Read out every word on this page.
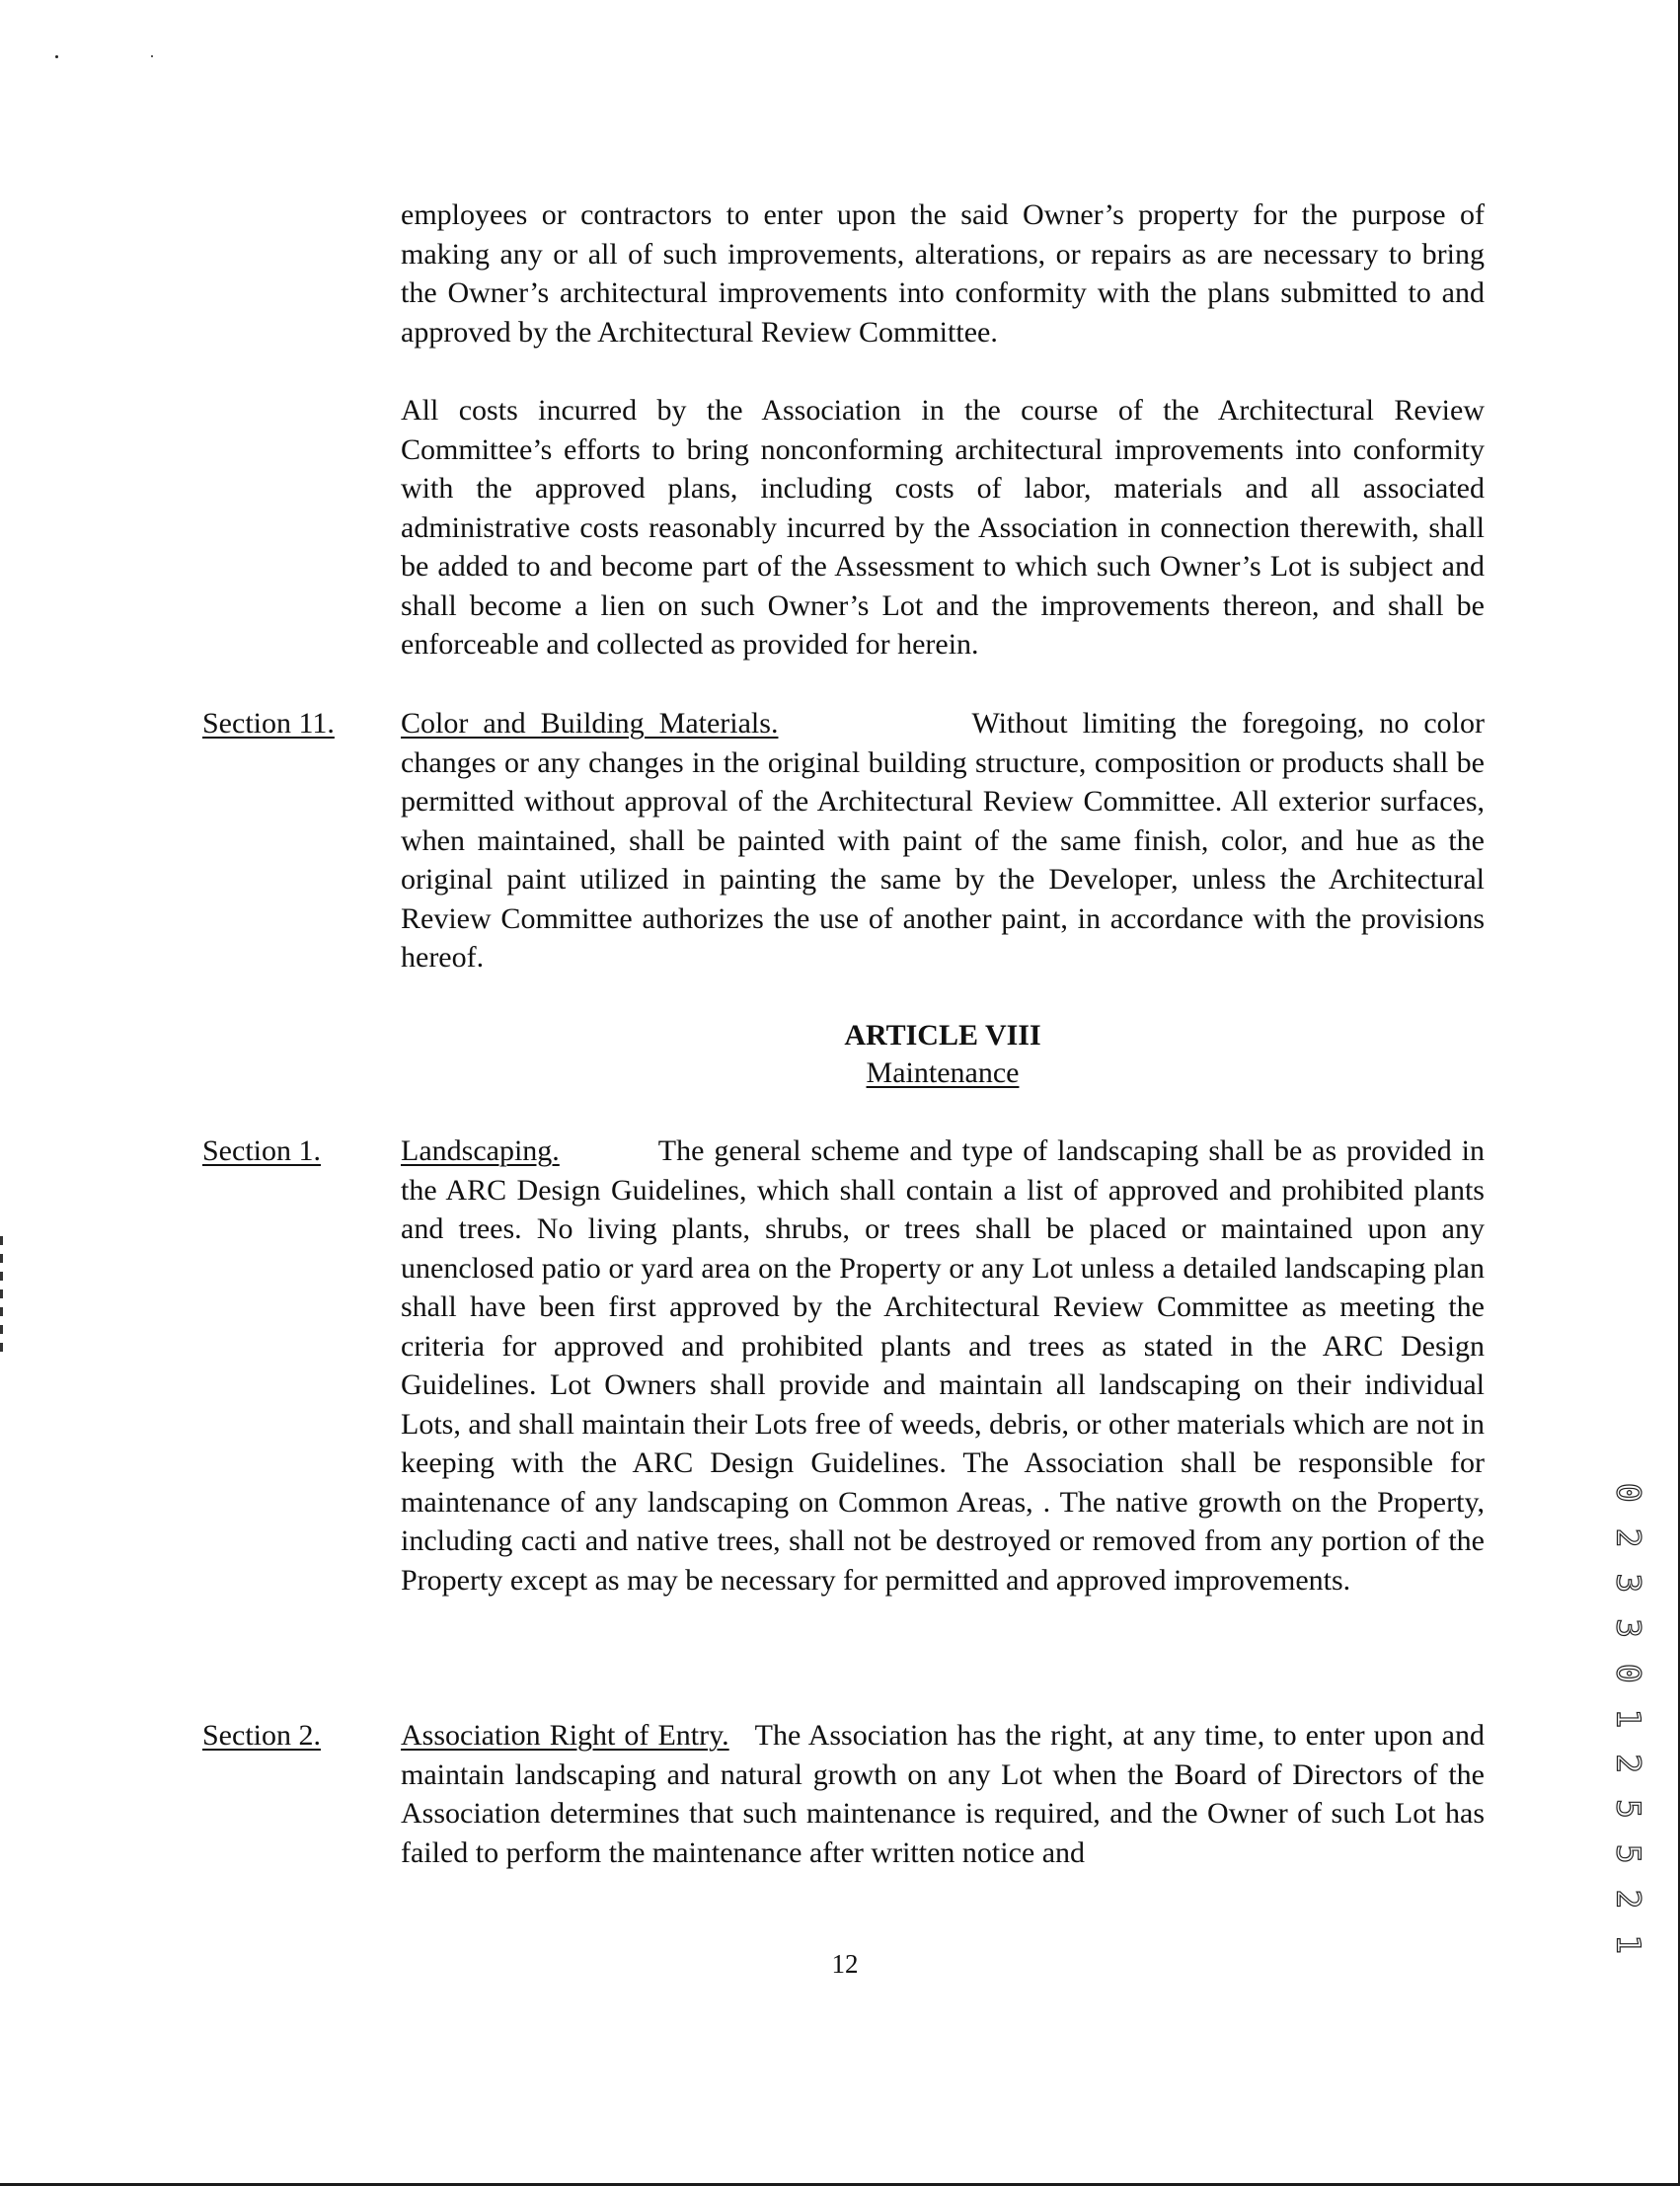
employees or contractors to enter upon the said Owner’s property for the purpose of making any or all of such improvements, alterations, or repairs as are necessary to bring the Owner’s architectural improvements into conformity with the plans submitted to and approved by the Architectural Review Committee.

All costs incurred by the Association in the course of the Architectural Review Committee’s efforts to bring nonconforming architectural improvements into conformity with the approved plans, including costs of labor, materials and all associated administrative costs reasonably incurred by the Association in connection therewith, shall be added to and become part of the Assessment to which such Owner’s Lot is subject and shall become a lien on such Owner’s Lot and the improvements thereon, and shall be enforceable and collected as provided for herein.

Section 11. Color and Building Materials.	Without limiting the foregoing, no color changes or any changes in the original building structure, composition or products shall be permitted without approval of the Architectural Review Committee. All exterior surfaces, when maintained, shall be painted with paint of the same finish, color, and hue as the original paint utilized in painting the same by the Developer, unless the Architectural Review Committee authorizes the use of another paint, in accordance with the provisions hereof.

ARTICLE VIII

Maintenance

Section 1.	Landscaping.	The general scheme and type of landscaping shall be as provided in the ARC Design Guidelines, which shall contain a list of approved and prohibited plants and trees. No living plants, shrubs, or trees shall be placed or maintained upon any unenclosed patio or yard area on the Property or any Lot unless a detailed landscaping plan shall have been first approved by the Architectural Review Committee as meeting the criteria for approved and prohibited plants and trees as stated in the ARC Design Guidelines. Lot Owners shall provide and maintain all landscaping on their individual Lots, and shall maintain their Lots free of weeds, debris, or other materials which are not in keeping with the ARC Design Guidelines. The Association shall be responsible for maintenance of any landscaping on Common Areas, . The native growth on the Property, including cacti and native trees, shall not be destroyed or removed from any portion of the Property except as may be necessary for permitted and approved improvements.

Section 2.	Association Right of Entry. The Association has the right, at any time, to enter upon and maintain landscaping and natural growth on any Lot when the Board of Directors of the Association determines that such maintenance is required, and the Owner of such Lot has failed to perform the maintenance after written notice and

12

0 2 3 3 0 1 2 5 5 2 1
